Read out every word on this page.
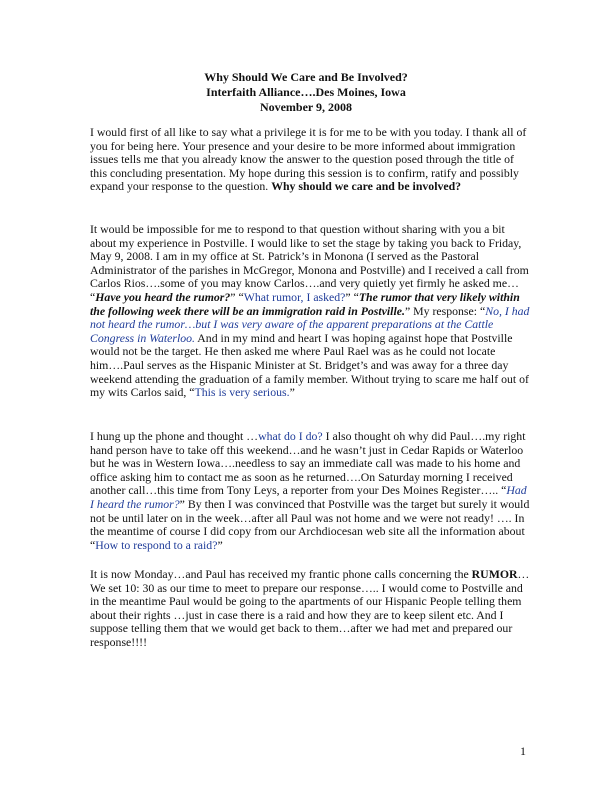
Why Should We Care and Be Involved?
Interfaith Alliance….Des Moines, Iowa
November 9, 2008
I would first of all like to say what a privilege it is for me to be with you today. I thank all of you for being here. Your presence and your desire to be more informed about immigration issues tells me that you already know the answer to the question posed through the title of this concluding presentation. My hope during this session is to confirm, ratify and possibly expand your response to the question. Why should we care and be involved?
It would be impossible for me to respond to that question without sharing with you a bit about my experience in Postville. I would like to set the stage by taking you back to Friday, May 9, 2008. I am in my office at St. Patrick’s in Monona (I served as the Pastoral Administrator of the parishes in McGregor, Monona and Postville) and I received a call from Carlos Rios….some of you may know Carlos….and very quietly yet firmly he asked me… “Have you heard the rumor?” “What rumor, I asked?” “The rumor that very likely within the following week there will be an immigration raid in Postville.” My response: “No, I had not heard the rumor…but I was very aware of the apparent preparations at the Cattle Congress in Waterloo. And in my mind and heart I was hoping against hope that Postville would not be the target. He then asked me where Paul Rael was as he could not locate him….Paul serves as the Hispanic Minister at St. Bridget’s and was away for a three day weekend attending the graduation of a family member. Without trying to scare me half out of my wits Carlos said, “This is very serious.”
I hung up the phone and thought …what do I do? I also thought oh why did Paul….my right hand person have to take off this weekend…and he wasn’t just in Cedar Rapids or Waterloo but he was in Western Iowa….needless to say an immediate call was made to his home and office asking him to contact me as soon as he returned….On Saturday morning I received another call…this time from Tony Leys, a reporter from your Des Moines Register….. “Had I heard the rumor?” By then I was convinced that Postville was the target but surely it would not be until later on in the week…after all Paul was not home and we were not ready! …. In the meantime of course I did copy from our Archdiocesan web site all the information about “How to respond to a raid?”
It is now Monday…and Paul has received my frantic phone calls concerning the RUMOR…We set 10: 30 as our time to meet to prepare our response….. I would come to Postville and in the meantime Paul would be going to the apartments of our Hispanic People telling them about their rights …just in case there is a raid and how they are to keep silent etc. And I suppose telling them that we would get back to them…after we had met and prepared our response!!!!
1
